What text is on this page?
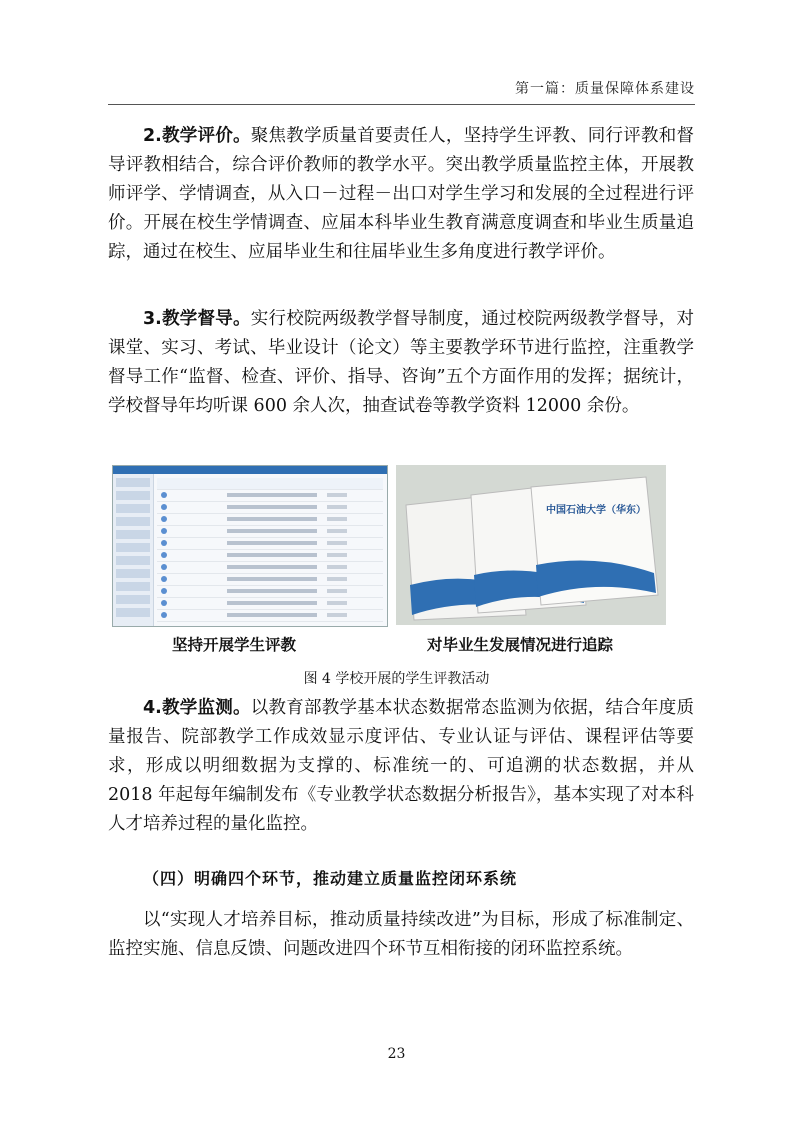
第一篇：质量保障体系建设

2.教学评价。聚焦教学质量首要责任人，坚持学生评教、同行评教和督导评教相结合，综合评价教师的教学水平。突出教学质量监控主体，开展教师评学、学情调查，从入口－过程－出口对学生学习和发展的全过程进行评价。开展在校生学情调查、应届本科毕业生教育满意度调查和毕业生质量追踪，通过在校生、应届毕业生和往届毕业生多角度进行教学评价。

3.教学督导。实行校院两级教学督导制度，通过校院两级教学督导，对课堂、实习、考试、毕业设计（论文）等主要教学环节进行监控，注重教学督导工作“监督、检查、评价、指导、咨询”五个方面作用的发挥；据统计，学校督导年均听课 600 余人次，抽查试卷等教学资料 12000 余份。

中国石油大学（华东）
坚持开展学生评教	对毕业生发展情况进行追踪
图 4 学校开展的学生评教活动

4.教学监测。以教育部教学基本状态数据常态监测为依据，结合年度质量报告、院部教学工作成效显示度评估、专业认证与评估、课程评估等要求，形成以明细数据为支撑的、标准统一的、可追溯的状态数据，并从 2018 年起每年编制发布《专业教学状态数据分析报告》，基本实现了对本科人才培养过程的量化监控。

（四）明确四个环节，推动建立质量监控闭环系统

以“实现人才培养目标，推动质量持续改进”为目标，形成了标准制定、监控实施、信息反馈、问题改进四个环节互相衔接的闭环监控系统。

23
